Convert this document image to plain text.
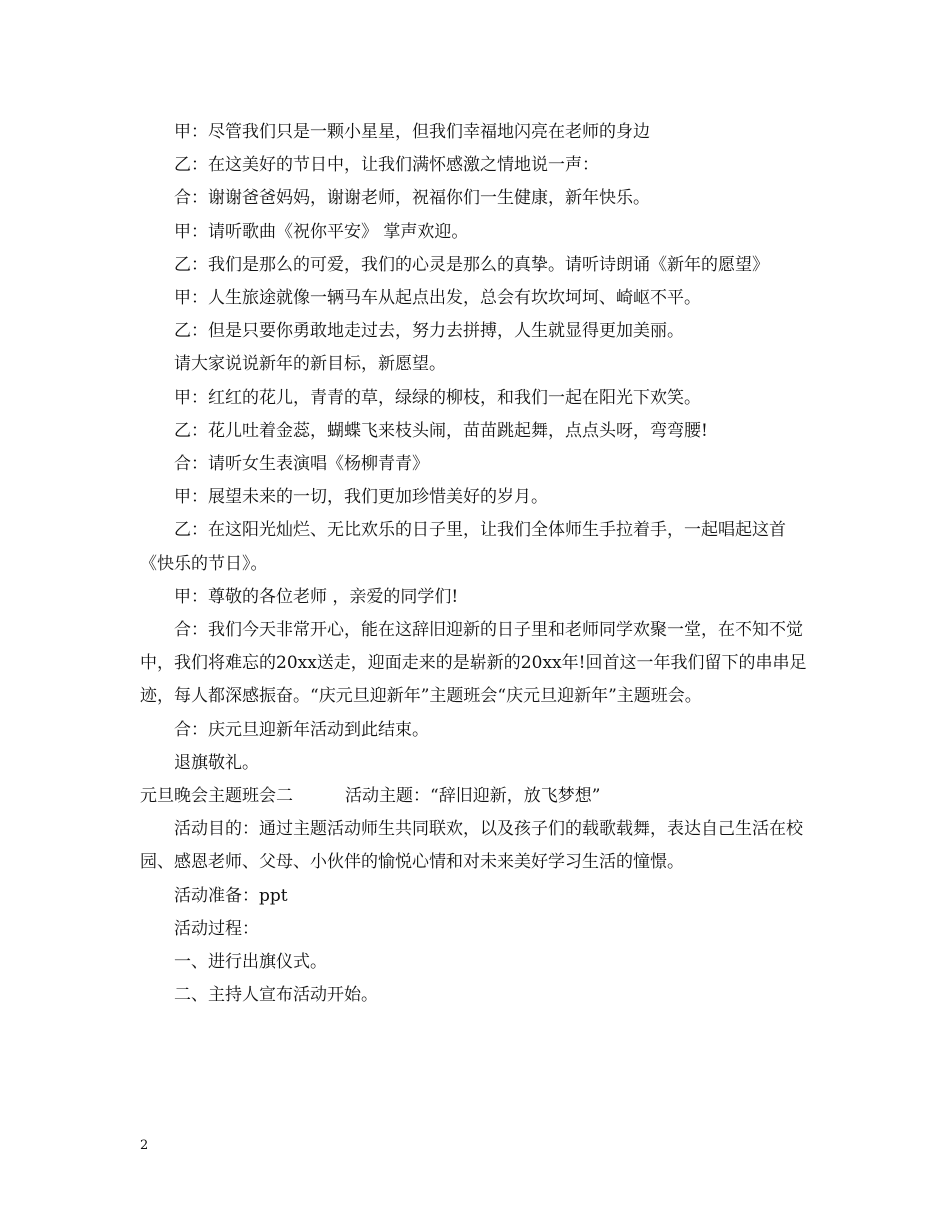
甲：尽管我们只是一颗小星星，但我们幸福地闪亮在老师的身边

乙：在这美好的节日中，让我们满怀感激之情地说一声：

合：谢谢爸爸妈妈，谢谢老师，祝福你们一生健康，新年快乐。

甲：请听歌曲《祝你平安》 掌声欢迎。

乙：我们是那么的可爱，我们的心灵是那么的真挚。请听诗朗诵《新年的愿望》

甲：人生旅途就像一辆马车从起点出发，总会有坎坎坷坷、崎岖不平。

乙：但是只要你勇敢地走过去，努力去拼搏，人生就显得更加美丽。

请大家说说新年的新目标，新愿望。

甲：红红的花儿，青青的草，绿绿的柳枝，和我们一起在阳光下欢笑。

乙：花儿吐着金蕊，蝴蝶飞来枝头闹，苗苗跳起舞，点点头呀，弯弯腰!

合：请听女生表演唱《杨柳青青》

甲：展望未来的一切，我们更加珍惜美好的岁月。

乙：在这阳光灿烂、无比欢乐的日子里，让我们全体师生手拉着手，一起唱起这首《快乐的节日》。

甲：尊敬的各位老师 ，亲爱的同学们!

合：我们今天非常开心，能在这辞旧迎新的日子里和老师同学欢聚一堂，在不知不觉中，我们将难忘的20xx送走，迎面走来的是崭新的20xx年!回首这一年我们留下的串串足迹，每人都深感振奋。“庆元旦迎新年”主题班会“庆元旦迎新年”主题班会。

合：庆元旦迎新年活动到此结束。

退旗敬礼。

元旦晚会主题班会二	活动主题：“辞旧迎新，放飞梦想”

活动目的：通过主题活动师生共同联欢，以及孩子们的载歌载舞，表达自己生活在校园、感恩老师、父母、小伙伴的愉悦心情和对未来美好学习生活的憧憬。

活动准备：ppt

活动过程：

一、进行出旗仪式。

二、主持人宣布活动开始。

2
